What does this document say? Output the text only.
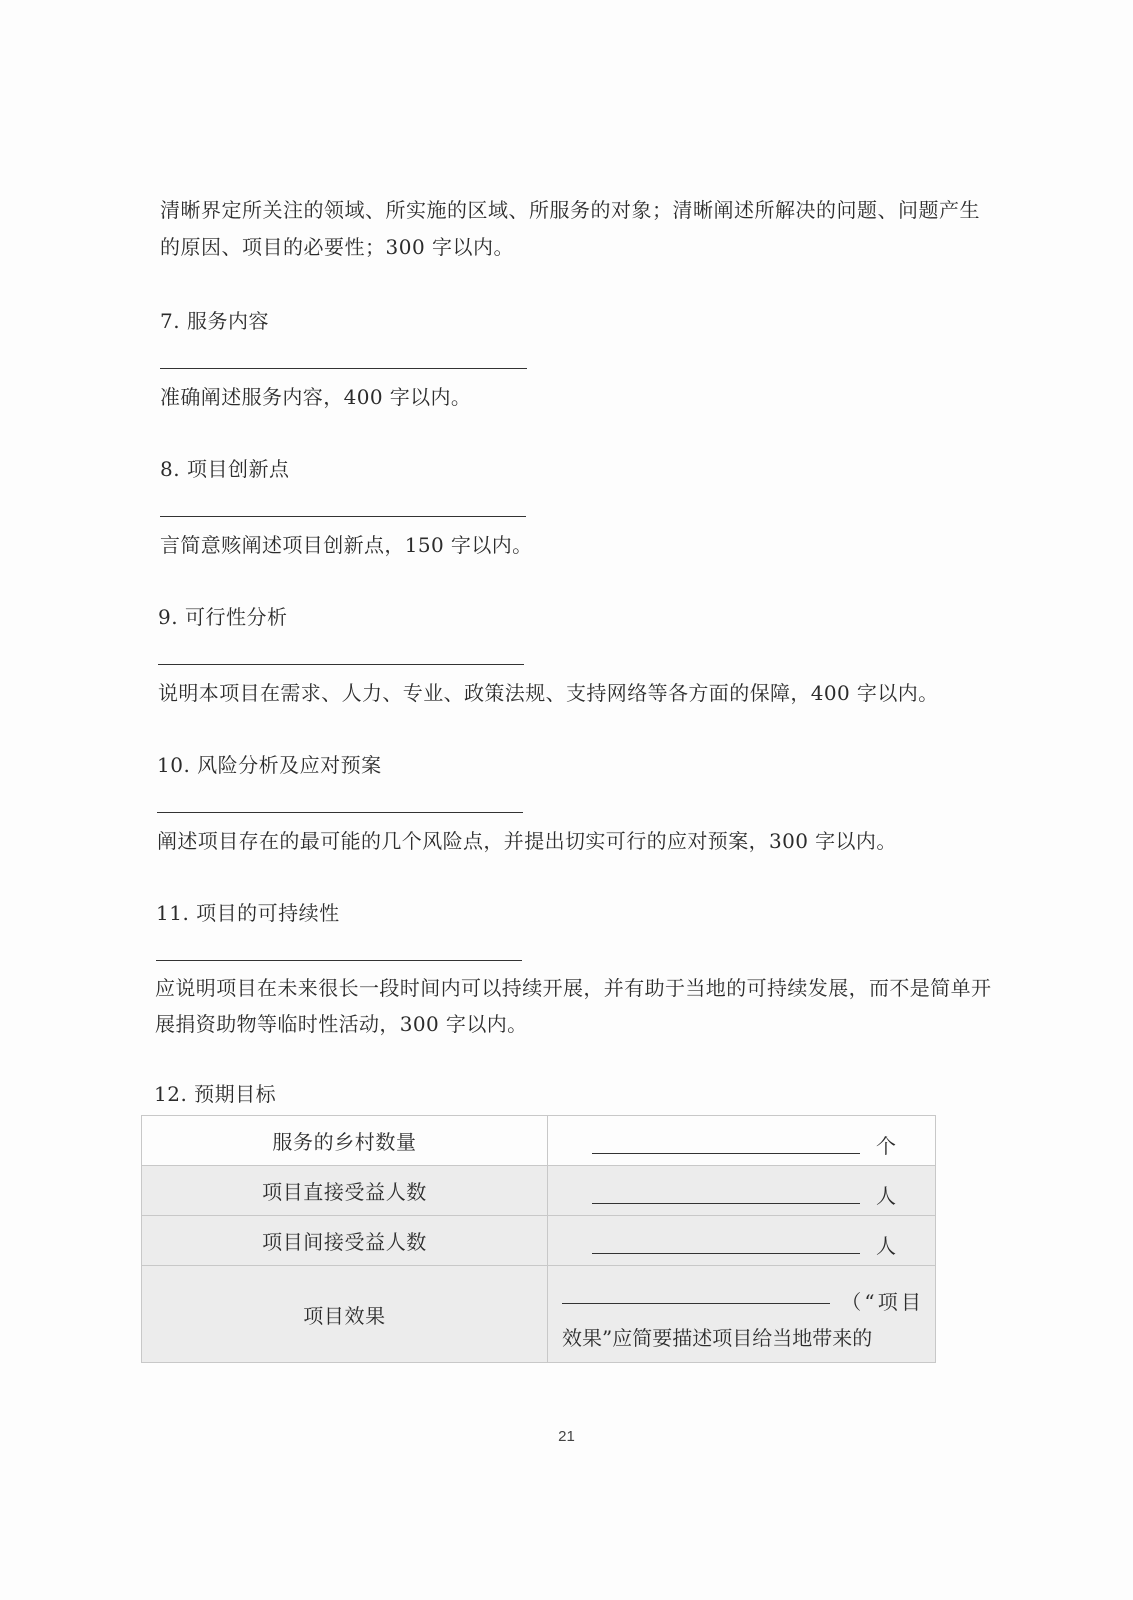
清晰界定所关注的领域、所实施的区域、所服务的对象；清晰阐述所解决的问题、问题产生的原因、项目的必要性；300 字以内。
7. 服务内容
准确阐述服务内容，400 字以内。
8. 项目创新点
言简意赅阐述项目创新点，150 字以内。
9. 可行性分析
说明本项目在需求、人力、专业、政策法规、支持网络等各方面的保障，400 字以内。
10. 风险分析及应对预案
阐述项目存在的最可能的几个风险点，并提出切实可行的应对预案，300 字以内。
11. 项目的可持续性
应说明项目在未来很长一段时间内可以持续开展，并有助于当地的可持续发展，而不是简单开展捐资助物等临时性活动，300 字以内。
12. 预期目标
服务的乡村数量	个

项目直接受益人数	人

项目间接受益人数	人

项目效果	（“项目效果”应简要描述项目给当地带来的
21
